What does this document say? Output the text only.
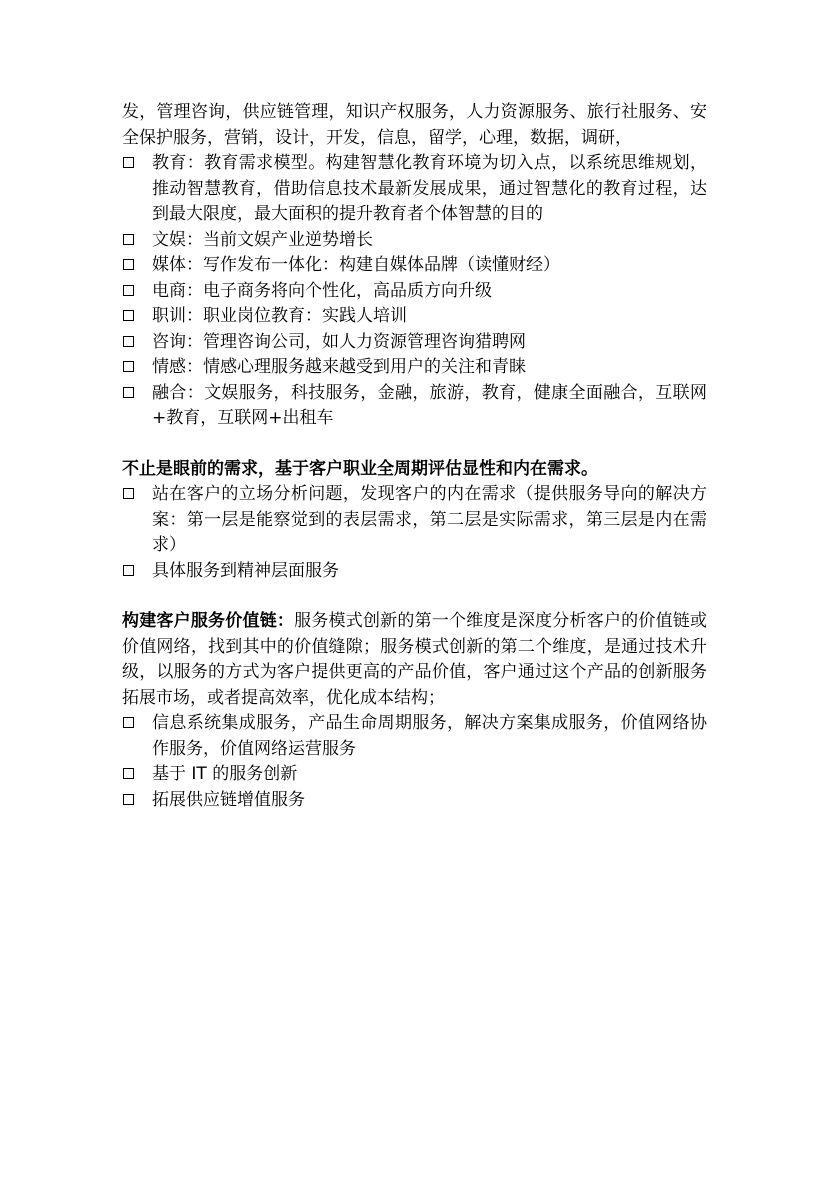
发，管理咨询，供应链管理，知识产权服务，人力资源服务、旅行社服务、安全保护服务，营销，设计，开发，信息，留学，心理，数据，调研，

教育：教育需求模型。构建智慧化教育环境为切入点，以系统思维规划，推动智慧教育，借助信息技术最新发展成果，通过智慧化的教育过程，达到最大限度，最大面积的提升教育者个体智慧的目的
文娱：当前文娱产业逆势增长
媒体：写作发布一体化：构建自媒体品牌（读懂财经）
电商：电子商务将向个性化，高品质方向升级
职训：职业岗位教育：实践人培训
咨询：管理咨询公司，如人力资源管理咨询猎聘网
情感：情感心理服务越来越受到用户的关注和青睐
融合：文娱服务，科技服务，金融，旅游，教育，健康全面融合，互联网+教育，互联网+出租车

不止是眼前的需求，基于客户职业全周期评估显性和内在需求。

站在客户的立场分析问题，发现客户的内在需求（提供服务导向的解决方案：第一层是能察觉到的表层需求，第二层是实际需求，第三层是内在需求）
具体服务到精神层面服务

构建客户服务价值链：服务模式创新的第一个维度是深度分析客户的价值链或价值网络，找到其中的价值缝隙；服务模式创新的第二个维度，是通过技术升级，以服务的方式为客户提供更高的产品价值，客户通过这个产品的创新服务拓展市场，或者提高效率，优化成本结构；

信息系统集成服务，产品生命周期服务，解决方案集成服务，价值网络协作服务，价值网络运营服务
基于 IT 的服务创新
拓展供应链增值服务
